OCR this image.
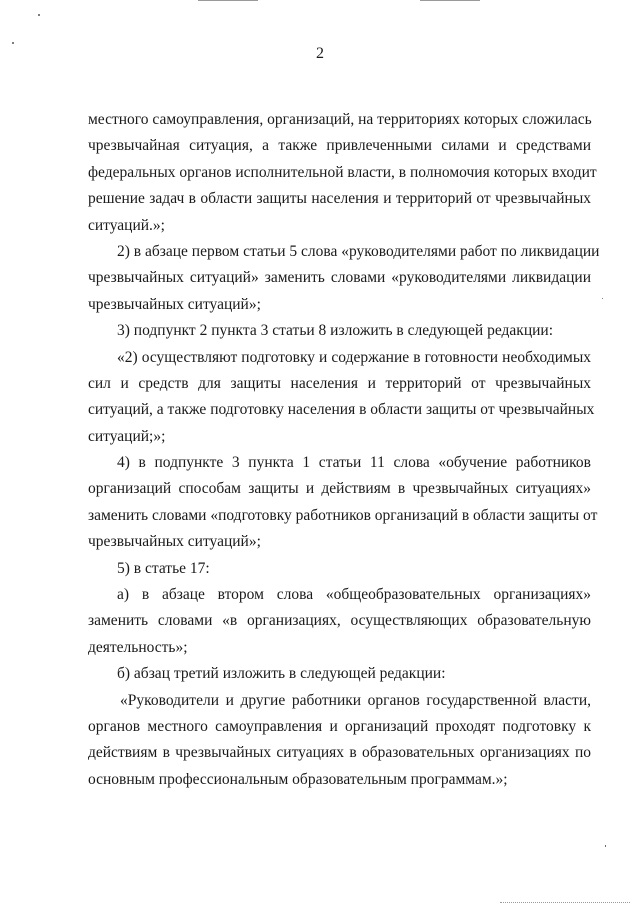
2
местного самоуправления, организаций, на территориях которых сложилась
чрезвычайная ситуация, а также привлеченными силами и средствами
федеральных органов исполнительной власти, в полномочия которых входит
решение задач в области защиты населения и территорий от чрезвычайных
ситуаций.»;
2) в абзаце первом статьи 5 слова «руководителями работ по ликвидации
чрезвычайных ситуаций» заменить словами «руководителями ликвидации
чрезвычайных ситуаций»;
3) подпункт 2 пункта 3 статьи 8 изложить в следующей редакции:
«2) осуществляют подготовку и содержание в готовности необходимых
сил и средств для защиты населения и территорий от чрезвычайных
ситуаций, а также подготовку населения в области защиты от чрезвычайных
ситуаций;»;
4) в подпункте 3 пункта 1 статьи 11 слова «обучение работников
организаций способам защиты и действиям в чрезвычайных ситуациях»
заменить словами «подготовку работников организаций в области защиты от
чрезвычайных ситуаций»;
5) в статье 17:
а) в абзаце втором слова «общеобразовательных организациях»
заменить словами «в организациях, осуществляющих образовательную
деятельность»;
б) абзац третий изложить в следующей редакции:
«Руководители и другие работники органов государственной власти,
органов местного самоуправления и организаций проходят подготовку к
действиям в чрезвычайных ситуациях в образовательных организациях по
основным профессиональным образовательным программам.»;
